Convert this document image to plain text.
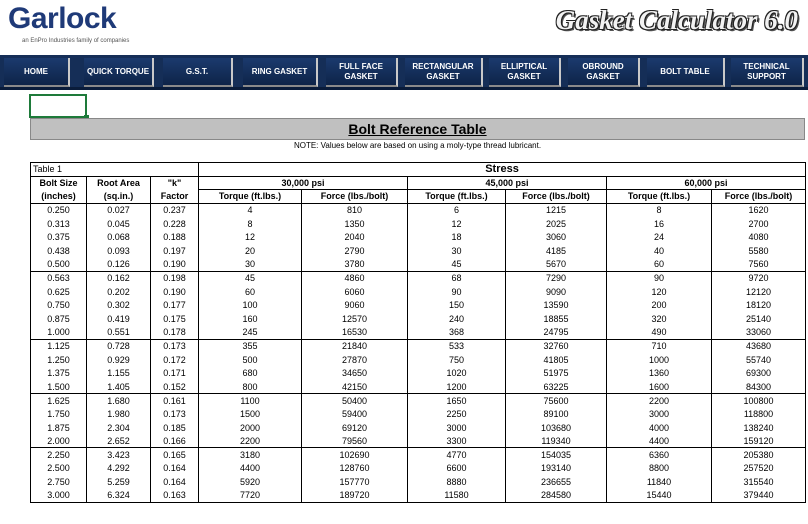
Garlock
an EnPro Industries family of companies
Gasket Calculator 6.0
HOME	QUICK TORQUE	G.S.T.	RING GASKET
FULL FACE GASKET
RECTANGULAR GASKET
ELLIPTICAL GASKET
OBROUND GASKET
BOLT TABLE
TECHNICAL SUPPORT
Bolt Reference Table
NOTE: Values below are based on using a moly-type thread lubricant.
Table 1			Stress					
Bolt Size	Root Area	"k"	30,000 psi		45,000 psi		60,000 psi	
(inches)	(sq.in.)	Factor	Torque (ft.lbs.)	Force (lbs./bolt)	Torque (ft.lbs.)	Force (lbs./bolt)	Torque (ft.lbs.)	Force (lbs./bolt)
0.250	0.027	0.237	4	810	6	1215	8	1620
0.313	0.045	0.228	8	1350	12	2025	16	2700
0.375	0.068	0.188	12	2040	18	3060	24	4080
0.438	0.093	0.197	20	2790	30	4185	40	5580
0.500	0.126	0.190	30	3780	45	5670	60	7560
0.563	0.162	0.198	45	4860	68	7290	90	9720
0.625	0.202	0.190	60	6060	90	9090	120	12120
0.750	0.302	0.177	100	9060	150	13590	200	18120
0.875	0.419	0.175	160	12570	240	18855	320	25140
1.000	0.551	0.178	245	16530	368	24795	490	33060
1.125	0.728	0.173	355	21840	533	32760	710	43680
1.250	0.929	0.172	500	27870	750	41805	1000	55740
1.375	1.155	0.171	680	34650	1020	51975	1360	69300
1.500	1.405	0.152	800	42150	1200	63225	1600	84300
1.625	1.680	0.161	1100	50400	1650	75600	2200	100800
1.750	1.980	0.173	1500	59400	2250	89100	3000	118800
1.875	2.304	0.185	2000	69120	3000	103680	4000	138240
2.000	2.652	0.166	2200	79560	3300	119340	4400	159120
2.250	3.423	0.165	3180	102690	4770	154035	6360	205380
2.500	4.292	0.164	4400	128760	6600	193140	8800	257520
2.750	5.259	0.164	5920	157770	8880	236655	11840	315540
3.000	6.324	0.163	7720	189720	11580	284580	15440	379440
